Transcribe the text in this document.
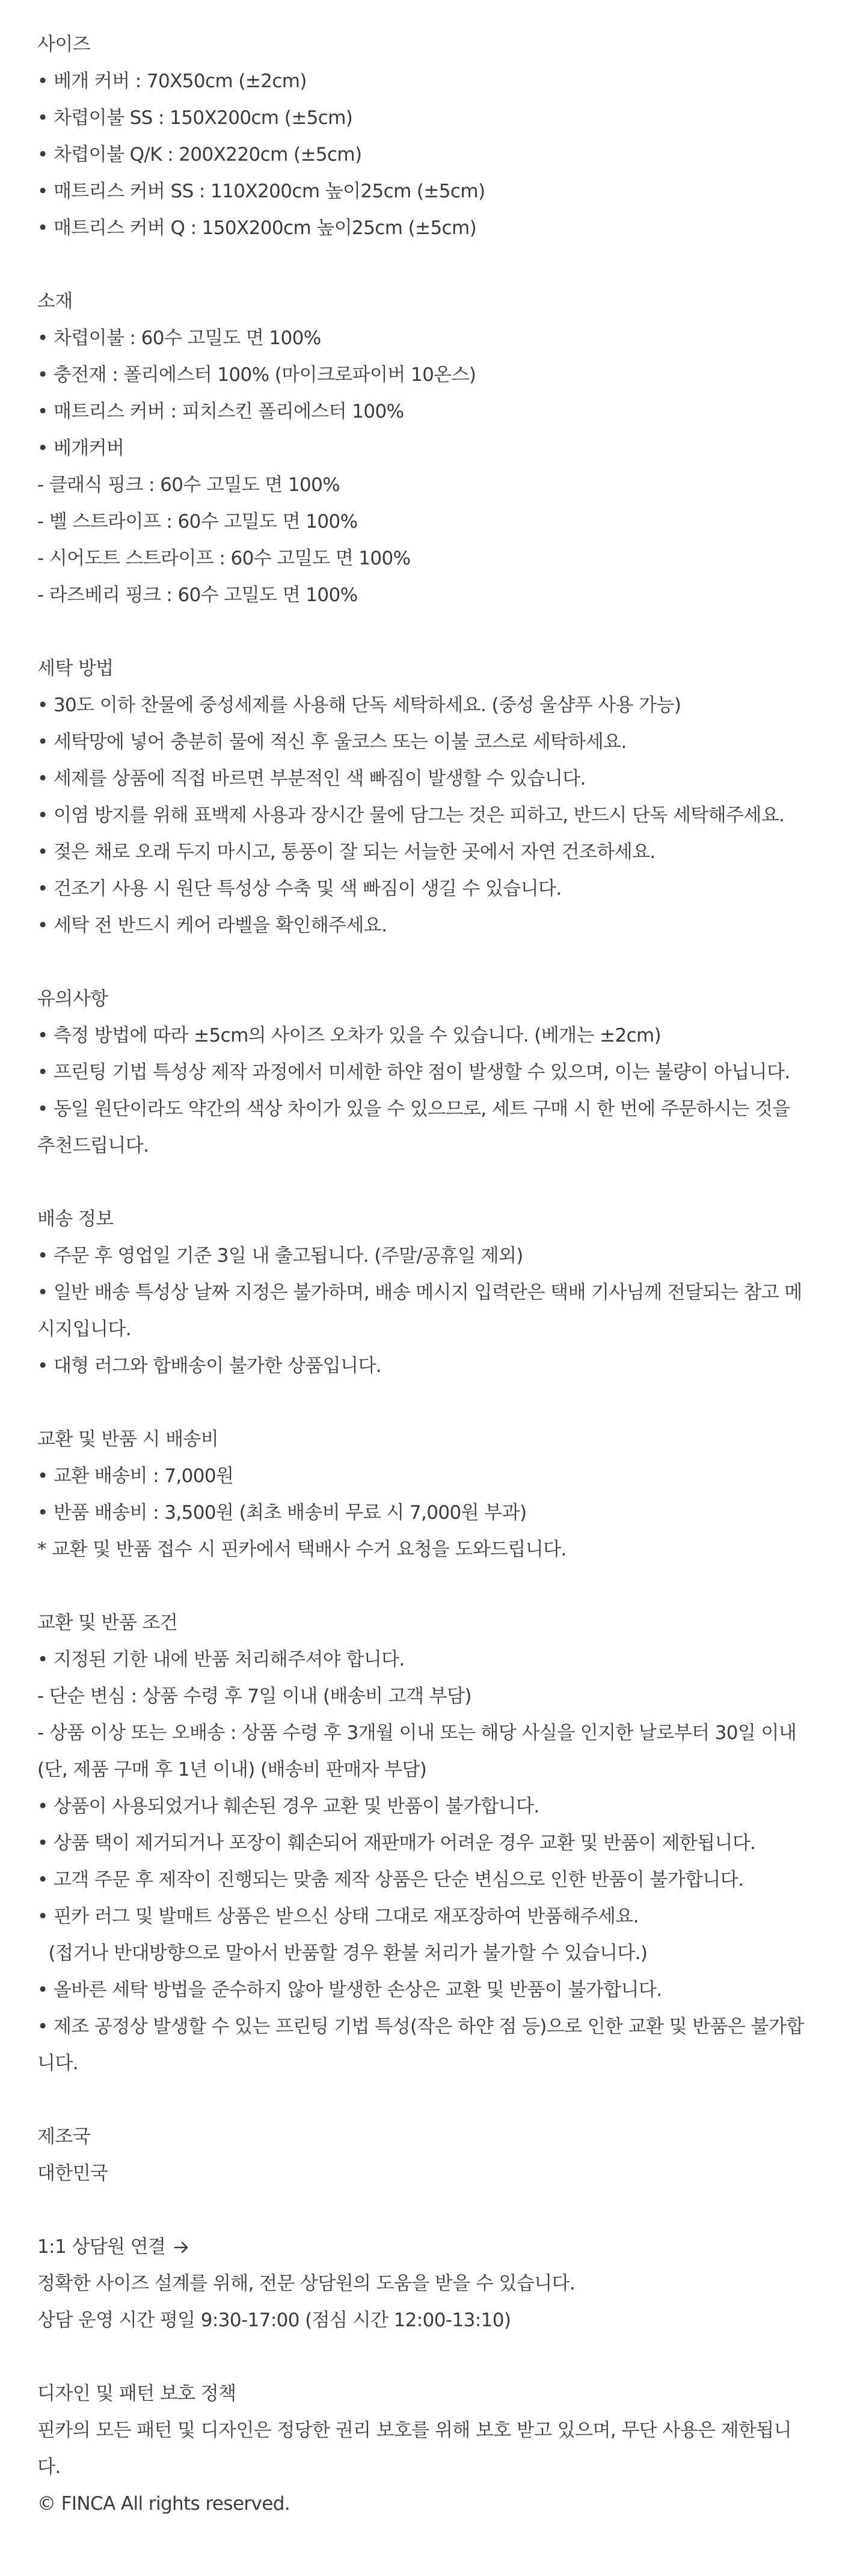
사이즈
• 베개 커버 : 70X50cm (±2cm)
• 차렵이불 SS : 150X200cm (±5cm)
• 차렵이불 Q/K : 200X220cm (±5cm)
• 매트리스 커버 SS : 110X200cm 높이25cm (±5cm)
• 매트리스 커버 Q : 150X200cm 높이25cm (±5cm)
소재
• 차렵이불 : 60수 고밀도 면 100%
• 충전재 : 폴리에스터 100% (마이크로파이버 10온스)
• 매트리스 커버 : 피치스킨 폴리에스터 100%
• 베개커버
- 클래식 핑크 : 60수 고밀도 면 100%
- 벨 스트라이프 : 60수 고밀도 면 100%
- 시어도트 스트라이프 : 60수 고밀도 면 100%
- 라즈베리 핑크 : 60수 고밀도 면 100%
세탁 방법
• 30도 이하 찬물에 중성세제를 사용해 단독 세탁하세요. (중성 울샴푸 사용 가능)
• 세탁망에 넣어 충분히 물에 적신 후 울코스 또는 이불 코스로 세탁하세요.
• 세제를 상품에 직접 바르면 부분적인 색 빠짐이 발생할 수 있습니다.
• 이염 방지를 위해 표백제 사용과 장시간 물에 담그는 것은 피하고, 반드시 단독 세탁해주세요.
• 젖은 채로 오래 두지 마시고, 통풍이 잘 되는 서늘한 곳에서 자연 건조하세요.
• 건조기 사용 시 원단 특성상 수축 및 색 빠짐이 생길 수 있습니다.
• 세탁 전 반드시 케어 라벨을 확인해주세요.
유의사항
• 측정 방법에 따라 ±5cm의 사이즈 오차가 있을 수 있습니다. (베개는 ±2cm)
• 프린팅 기법 특성상 제작 과정에서 미세한 하얀 점이 발생할 수 있으며, 이는 불량이 아닙니다.
• 동일 원단이라도 약간의 색상 차이가 있을 수 있으므로, 세트 구매 시 한 번에 주문하시는 것을
추천드립니다.
배송 정보
• 주문 후 영업일 기준 3일 내 출고됩니다. (주말/공휴일 제외)
• 일반 배송 특성상 날짜 지정은 불가하며, 배송 메시지 입력란은 택배 기사님께 전달되는 참고 메
시지입니다.
• 대형 러그와 합배송이 불가한 상품입니다.
교환 및 반품 시 배송비
• 교환 배송비 : 7,000원
• 반품 배송비 : 3,500원 (최초 배송비 무료 시 7,000원 부과)
* 교환 및 반품 접수 시 핀카에서 택배사 수거 요청을 도와드립니다.
교환 및 반품 조건
• 지정된 기한 내에 반품 처리해주셔야 합니다.
- 단순 변심 : 상품 수령 후 7일 이내 (배송비 고객 부담)
- 상품 이상 또는 오배송 : 상품 수령 후 3개월 이내 또는 해당 사실을 인지한 날로부터 30일 이내
(단, 제품 구매 후 1년 이내) (배송비 판매자 부담)
• 상품이 사용되었거나 훼손된 경우 교환 및 반품이 불가합니다.
• 상품 택이 제거되거나 포장이 훼손되어 재판매가 어려운 경우 교환 및 반품이 제한됩니다.
• 고객 주문 후 제작이 진행되는 맞춤 제작 상품은 단순 변심으로 인한 반품이 불가합니다.
• 핀카 러그 및 발매트 상품은 받으신 상태 그대로 재포장하여 반품해주세요.
(접거나 반대방향으로 말아서 반품할 경우 환불 처리가 불가할 수 있습니다.)
• 올바른 세탁 방법을 준수하지 않아 발생한 손상은 교환 및 반품이 불가합니다.
• 제조 공정상 발생할 수 있는 프린팅 기법 특성(작은 하얀 점 등)으로 인한 교환 및 반품은 불가합
니다.
제조국
대한민국
1:1 상담원 연결
정확한 사이즈 설계를 위해, 전문 상담원의 도움을 받을 수 있습니다.
상담 운영 시간 평일 9:30-17:00 (점심 시간 12:00-13:10)
디자인 및 패턴 보호 정책
핀카의 모든 패턴 및 디자인은 정당한 권리 보호를 위해 보호 받고 있으며, 무단 사용은 제한됩니
다.
© FINCA All rights reserved.
